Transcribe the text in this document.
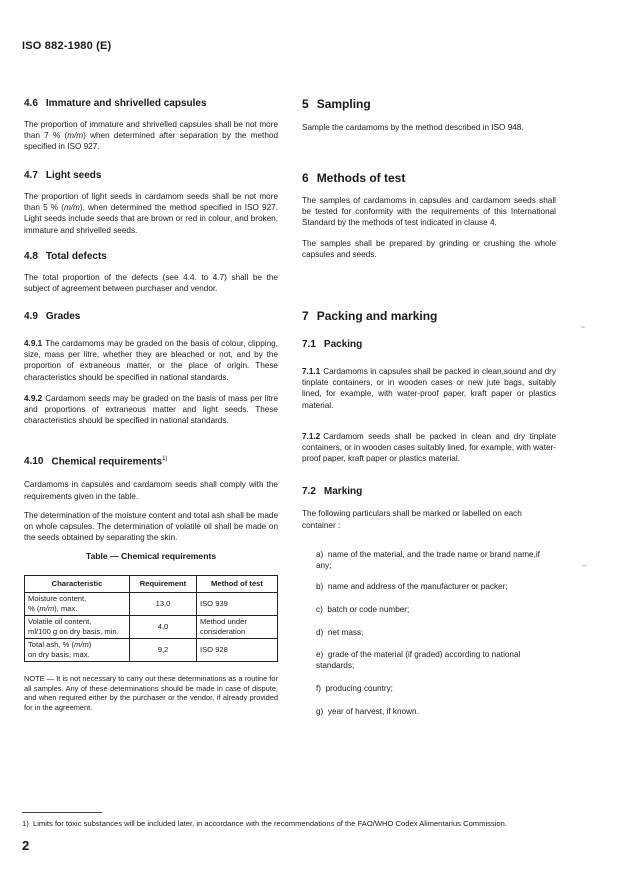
ISO 882-1980 (E)

4.6 Immature and shrivelled capsules

The proportion of immature and shrivelled capsules shall be not more than 7 % (m/m) when determined after separation by the method specified in ISO 927.

4.7 Light seeds

The proportion of light seeds in cardamom seeds shall be not more than 5 % (m/m), when determined the method specified in ISO 927. Light seeds include seeds that are brown or red in colour, and broken, immature and shrivelled seeds.

4.8 Total defects

The total proportion of the defects (see 4.4. to 4.7) shall be the subject of agreement between purchaser and vendor.

4.9 Grades

4.9.1 The cardamoms may be graded on the basis of colour, clipping, size, mass per litre, whether they are bleached or not, and by the proportion of extraneous matter, or the place of origin. These characteristics should be specified in national standards.

4.9.2 Cardamom seeds may be graded on the basis of mass per litre and proportions of extraneous matter and light seeds. These characteristics should be specified in national standards.

4.10 Chemical requirements$^{1)}$

Cardamoms in capsules and cardamom seeds shall comply with the requirements given in the table.

The determination of the moisture content and total ash shall be made on whole capsules. The determination of volatile oil shall be made on the seeds obtained by separating the skin.

Table — Chemical requirements
Characteristic	Requirement	Method of test
Moisture content,
% (m/m), max.	13,0	ISO 939
Volatile oil content,
ml/100 g on dry basis, min.	4,0	Method under
consideration
Total ash, % (m/m)
on dry basis, max.	9,2	ISO 928

NOTE — It is not necessary to carry out these determinations as a routine for all samples. Any of these determinations should be made in case of dispute, and when required either by the purchaser or the vendor, if already provided for in the agreement.

5 Sampling

Sample the cardamoms by the method described in ISO 948.

6 Methods of test

The samples of cardamoms in capsules and cardamom seeds shall be tested for conformity with the requirements of this International Standard by the methods of test indicated in clause 4.

The samples shall be prepared by grinding or crushing the whole capsules and seeds.

7 Packing and marking

7.1 Packing

7.1.1 Cardamoms in capsules shall be packed in clean,sound and dry tinplate containers, or in wooden cases or new jute bags, suitably lined, for example, with water-proof paper, kraft paper or plastics material.

7.1.2 Cardamom seeds shall be packed in clean and dry tinplate containers, or in wooden cases suitably lined, for example, with water-proof paper, kraft paper or plastics material.

7.2 Marking

The following particulars shall be marked or labelled on each container :

a) name of the material, and the trade name or brand name,if any;
b) name and address of the manufacturer or packer;
c) batch or code number;
d) net mass;
e) grade of the material (if graded) according to national standards;
f) producing country;
g) year of harvest, if known.
~
–
1) Limits for toxic substances will be included later, in accordance with the recommendations of the FAO/WHO Codex Alimentarius Commission.
2
